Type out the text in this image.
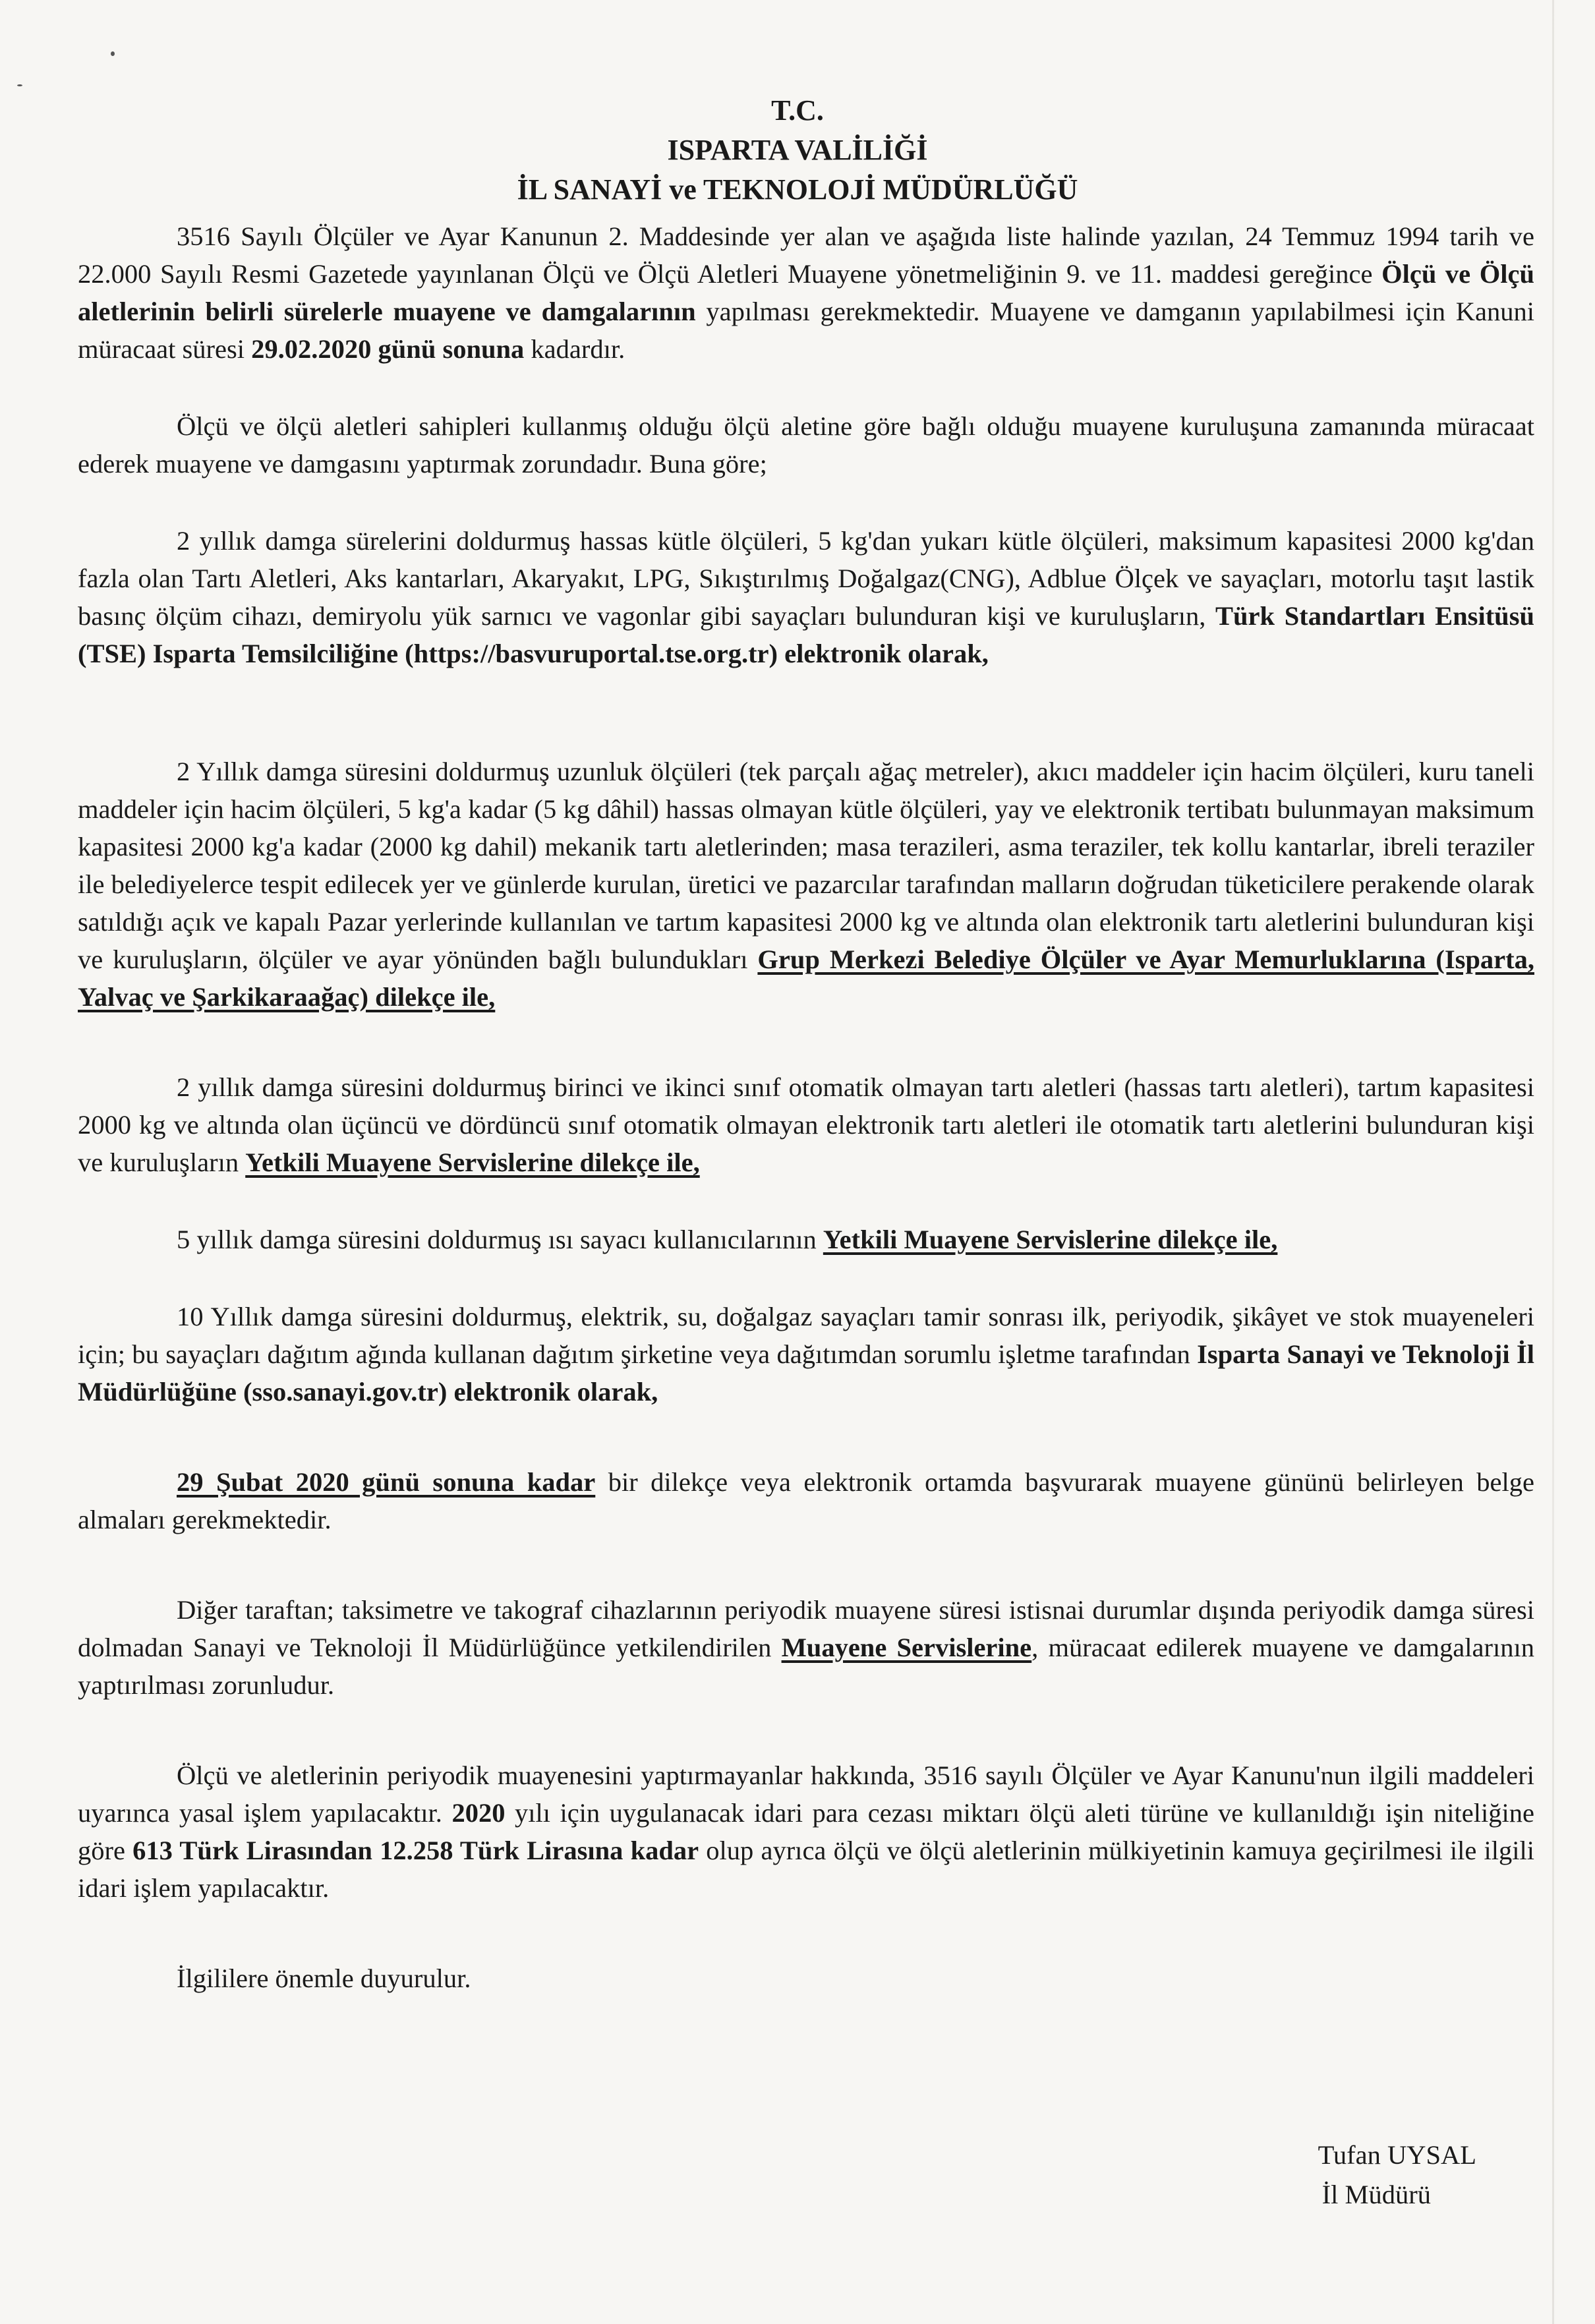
T.C.
ISPARTA VALİLİĞİ
İL SANAYİ ve TEKNOLOJİ MÜDÜRLÜĞÜ

3516 Sayılı Ölçüler ve Ayar Kanunun 2. Maddesinde yer alan ve aşağıda liste halinde yazılan, 24 Temmuz 1994 tarih ve 22.000 Sayılı Resmi Gazetede yayınlanan Ölçü ve Ölçü Aletleri Muayene yönetmeliğinin 9. ve 11. maddesi gereğince Ölçü ve Ölçü aletlerinin belirli sürelerle muayene ve damgalarının yapılması gerekmektedir. Muayene ve damganın yapılabilmesi için Kanuni müracaat süresi 29.02.2020 günü sonuna kadardır.

Ölçü ve ölçü aletleri sahipleri kullanmış olduğu ölçü aletine göre bağlı olduğu muayene kuruluşuna zamanında müracaat ederek muayene ve damgasını yaptırmak zorundadır. Buna göre;

2 yıllık damga sürelerini doldurmuş hassas kütle ölçüleri, 5 kg'dan yukarı kütle ölçüleri, maksimum kapasitesi 2000 kg'dan fazla olan Tartı Aletleri, Aks kantarları, Akaryakıt, LPG, Sıkıştırılmış Doğalgaz(CNG), Adblue Ölçek ve sayaçları, motorlu taşıt lastik basınç ölçüm cihazı, demiryolu yük sarnıcı ve vagonlar gibi sayaçları bulunduran kişi ve kuruluşların, Türk Standartları Ensitüsü (TSE) Isparta Temsilciliğine (https://basvuruportal.tse.org.tr) elektronik olarak,

2 Yıllık damga süresini doldurmuş uzunluk ölçüleri (tek parçalı ağaç metreler), akıcı maddeler için hacim ölçüleri, kuru taneli maddeler için hacim ölçüleri, 5 kg'a kadar (5 kg dâhil) hassas olmayan kütle ölçüleri, yay ve elektronik tertibatı bulunmayan maksimum kapasitesi 2000 kg'a kadar (2000 kg dahil) mekanik tartı aletlerinden; masa terazileri, asma teraziler, tek kollu kantarlar, ibreli teraziler ile belediyelerce tespit edilecek yer ve günlerde kurulan, üretici ve pazarcılar tarafından malların doğrudan tüketicilere perakende olarak satıldığı açık ve kapalı Pazar yerlerinde kullanılan ve tartım kapasitesi 2000 kg ve altında olan elektronik tartı aletlerini bulunduran kişi ve kuruluşların, ölçüler ve ayar yönünden bağlı bulundukları Grup Merkezi Belediye Ölçüler ve Ayar Memurluklarına (Isparta, Yalvaç ve Şarkikaraağaç) dilekçe ile,

2 yıllık damga süresini doldurmuş birinci ve ikinci sınıf otomatik olmayan tartı aletleri (hassas tartı aletleri), tartım kapasitesi 2000 kg ve altında olan üçüncü ve dördüncü sınıf otomatik olmayan elektronik tartı aletleri ile otomatik tartı aletlerini bulunduran kişi ve kuruluşların Yetkili Muayene Servislerine dilekçe ile,

5 yıllık damga süresini doldurmuş ısı sayacı kullanıcılarının Yetkili Muayene Servislerine dilekçe ile,

10 Yıllık damga süresini doldurmuş, elektrik, su, doğalgaz sayaçları tamir sonrası ilk, periyodik, şikâyet ve stok muayeneleri için; bu sayaçları dağıtım ağında kullanan dağıtım şirketine veya dağıtımdan sorumlu işletme tarafından Isparta Sanayi ve Teknoloji İl Müdürlüğüne (sso.sanayi.gov.tr) elektronik olarak,

29 Şubat 2020 günü sonuna kadar bir dilekçe veya elektronik ortamda başvurarak muayene gününü belirleyen belge almaları gerekmektedir.

Diğer taraftan; taksimetre ve takograf cihazlarının periyodik muayene süresi istisnai durumlar dışında periyodik damga süresi dolmadan Sanayi ve Teknoloji İl Müdürlüğünce yetkilendirilen Muayene Servislerine, müracaat edilerek muayene ve damgalarının yaptırılması zorunludur.

Ölçü ve aletlerinin periyodik muayenesini yaptırmayanlar hakkında, 3516 sayılı Ölçüler ve Ayar Kanunu'nun ilgili maddeleri uyarınca yasal işlem yapılacaktır. 2020 yılı için uygulanacak idari para cezası miktarı ölçü aleti türüne ve kullanıldığı işin niteliğine göre 613 Türk Lirasından 12.258 Türk Lirasına kadar olup ayrıca ölçü ve ölçü aletlerinin mülkiyetinin kamuya geçirilmesi ile ilgili idari işlem yapılacaktır.

İlgililere önemle duyurulur.

Tufan UYSAL
İl Müdürü
